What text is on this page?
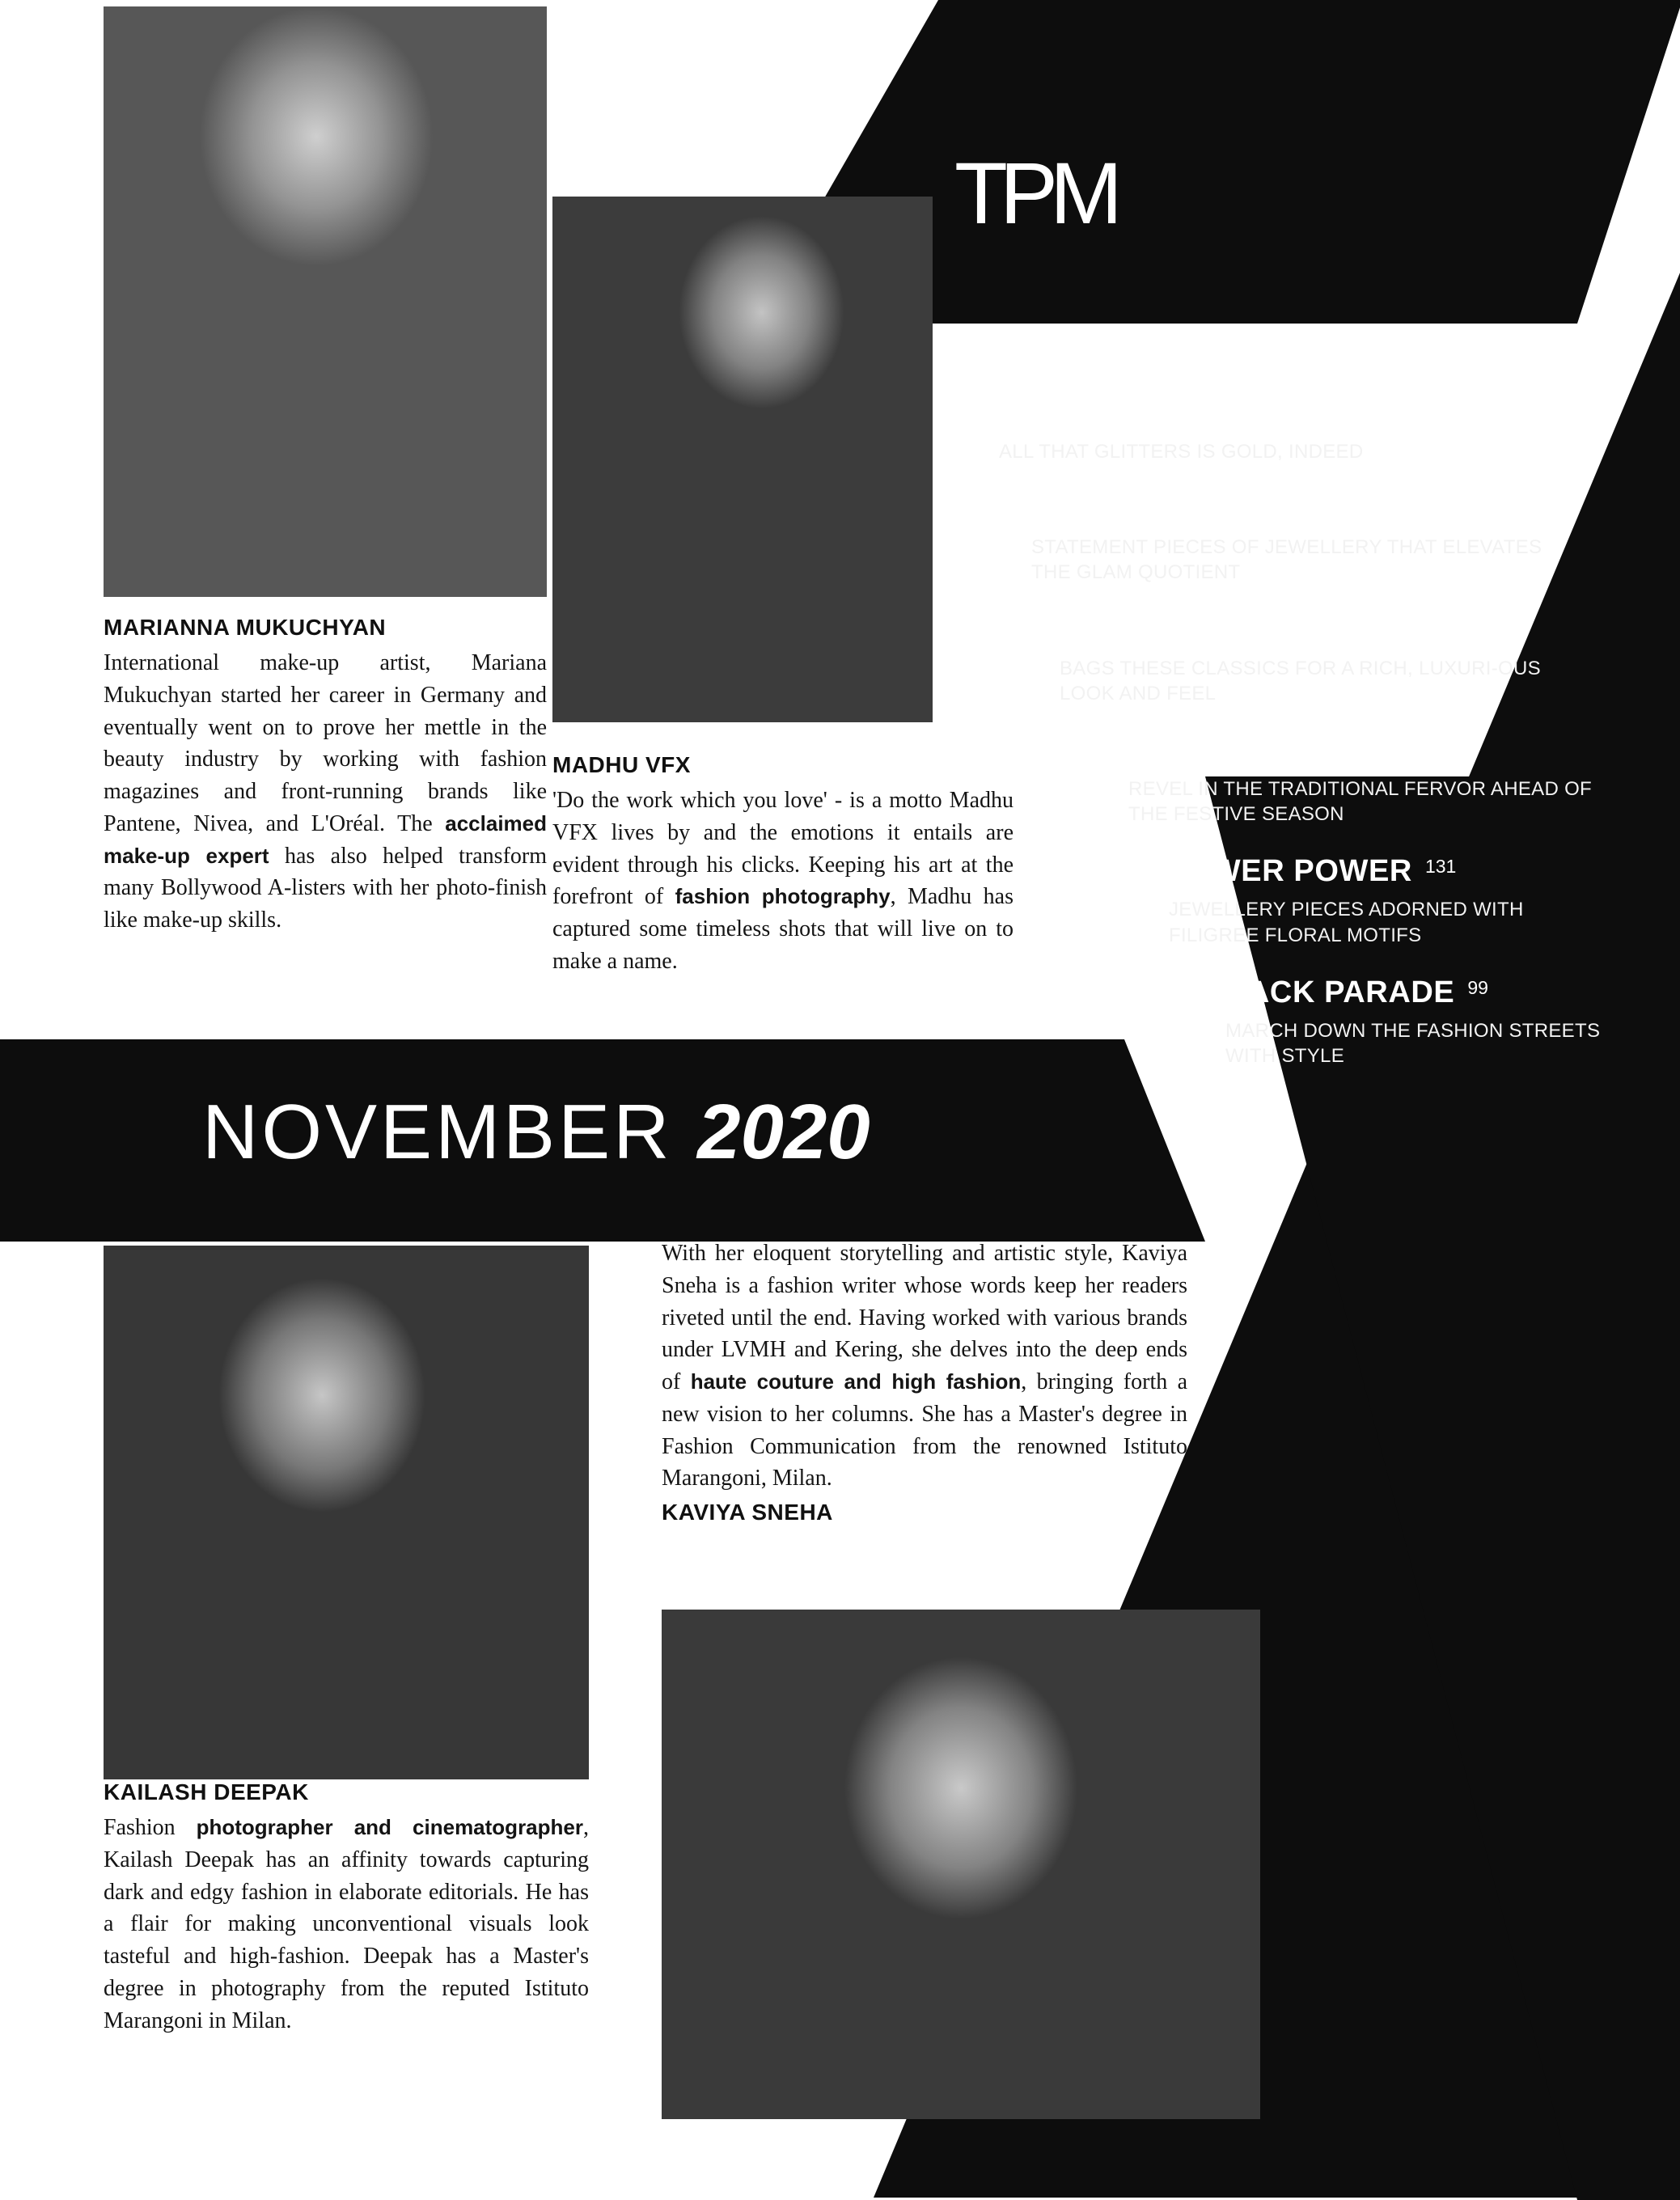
TPM
MARIANNA MUKUCHYAN
International make-up artist, Mariana Mukuchyan started her career in Germany and eventually went on to prove her mettle in the beauty industry by working with fashion magazines and front-running brands like Pantene, Nivea, and L'Oréal. The acclaimed make-up expert has also helped transform many Bollywood A-listers with her photo-finish like make-up skills.
MADHU VFX
'Do the work which you love' - is a motto Madhu VFX lives by and the emotions it entails are evident through his clicks. Keeping his art at the forefront of fashion photography, Madhu has captured some timeless shots that will live on to make a name.
With her eloquent storytelling and artistic style, Kaviya Sneha is a fashion writer whose words keep her readers riveted until the end. Having worked with various brands under LVMH and Kering, she delves into the deep ends of haute couture and high fashion, bringing forth a new vision to her columns. She has a Master's degree in Fashion Communication from the renowned Istituto Marangoni, Milan.
KAVIYA SNEHA
KAILASH DEEPAK
Fashion photographer and cinematographer, Kailash Deepak has an affinity towards capturing dark and edgy fashion in elaborate editorials. He has a flair for making unconventional visuals look tasteful and high-fashion. Deepak has a Master's degree in photography from the reputed Istituto Marangoni in Milan.
GIVE ME GOLD 51
ALL THAT GLITTERS IS GOLD, INDEED
BIJOUX RAGE 50
STATEMENT PIECES OF JEWELLERY THAT ELEVATES THE GLAM QUOTIENT
A CASE OF CLASSICS 31
BAGS THESE CLASSICS FOR A RICH, LUXURI-OUS LOOK AND FEEL
RIVIÈRÉ REVERIE 19
REVEL IN THE TRADITIONAL FERVOR AHEAD OF THE FESTIVE SEASON
FLOWER POWER 131
JEWELLERY PIECES ADORNED WITH FILIGREE FLORAL MOTIFS
BLACK PARADE 99
MARCH DOWN THE FASHION STREETS WITH STYLE
NOVEMBER 2020
